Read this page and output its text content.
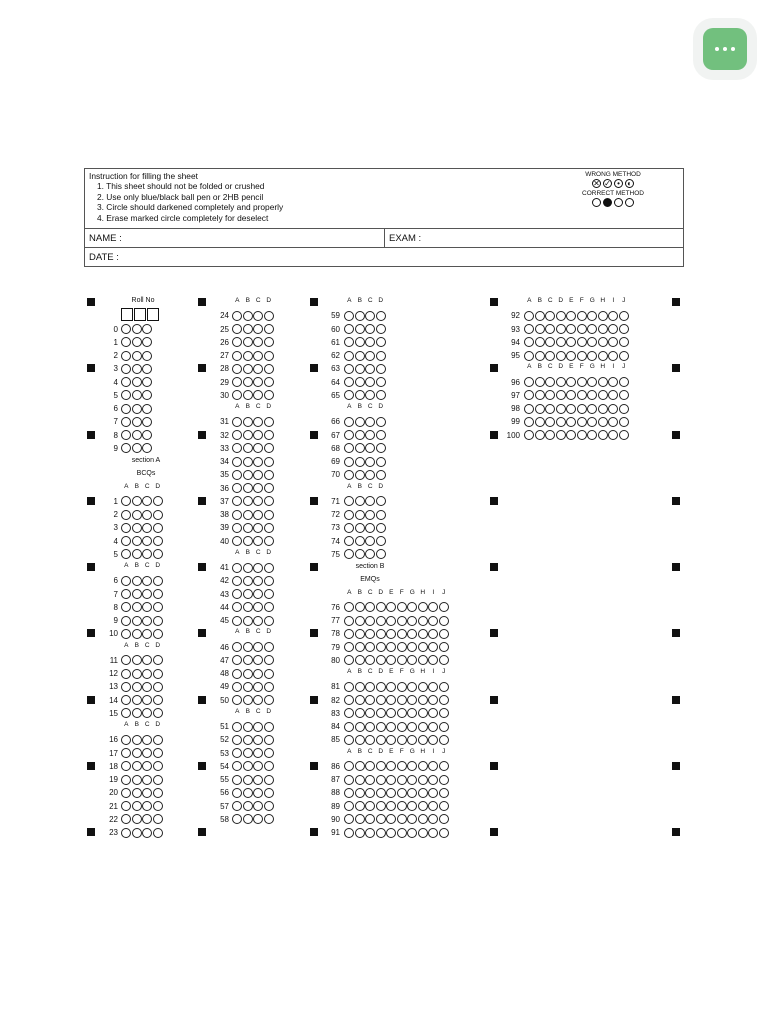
Instruction for filling the sheet
1. This sheet should not be folded or crushed
2. Use only blue/black ball pen or 2HB pencil
3. Circle should darkened completely and properly
4. Erase marked circle completely for deselect
WRONG METHOD
✕ ✓ • ◐
CORRECT METHOD
NAME :	EXAM :
DATE :
Roll No
0
1
2
3
4
5
6
7
8
9
section A
BCQs
A B C D
1
2
3
4
5
A B C D
6
7
8
9
10
A B C D
11
12
13
14
15
A B C D
16
17
18
19
20
21
22
23
A B C D
24
25
26
27
28
29
30
A B C D
31
32
33
34
35
36
37
38
39
40
A B C D
41
42
43
44
45
A B C D
46
47
48
49
50
A B C D
51
52
53
54
55
56
57
58
A B C D
59
60
61
62
63
64
65
A B C D
66
67
68
69
70
A B C D
71
72
73
74
75
section B
EMQs
A B C D E F G H I J
76
77
78
79
80
A B C D E F G H I J
81
82
83
84
85
A B C D E F G H I J
86
87
88
89
90
91
A B C D E F G H I J
92
93
94
95
A B C D E F G H I J
96
97
98
99
100
